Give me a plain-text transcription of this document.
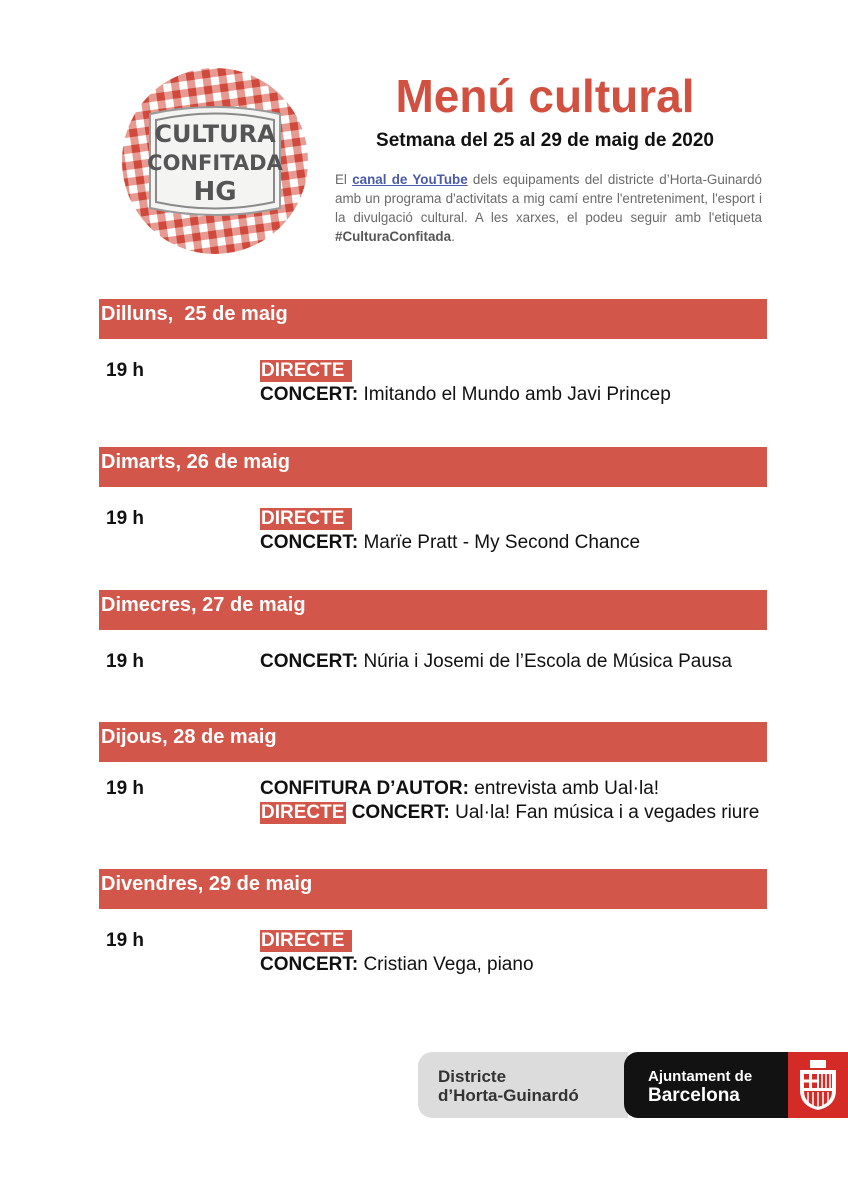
CULTURA
CONFITADA
HG
Menú cultural
Setmana del 25 al 29 de maig de 2020

El canal de YouTube dels equipaments del districte d’Horta-Guinardó amb un programa d'activitats a mig camí entre l'entreteniment, l'esport i la divulgació cultural. A les xarxes, el podeu seguir amb l'etiqueta #CulturaConfitada.

Dilluns,  25 de maig
19 h	DIRECTE
CONCERT: Imitando el Mundo amb Javi Princep
Dimarts, 26 de maig
19 h	DIRECTE
CONCERT: Marïe Pratt - My Second Chance
Dimecres, 27 de maig
19 h	CONCERT: Núria i Josemi de l’Escola de Música Pausa
Dijous, 28 de maig
19 h	CONFITURA D’AUTOR: entrevista amb Ual·la!
DIRECTE CONCERT: Ual·la! Fan música i a vegades riure
Divendres, 29 de maig
19 h	DIRECTE
CONCERT: Cristian Vega, piano
Districte
d’Horta-Guinardó
Ajuntament de
Barcelona
